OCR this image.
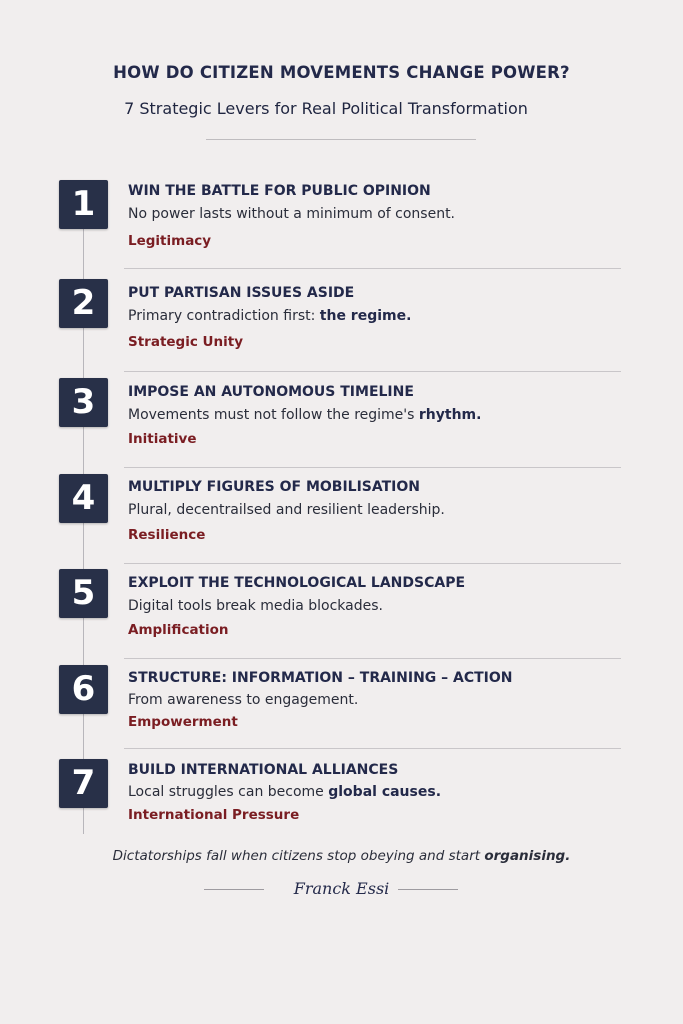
HOW DO CITIZEN MOVEMENTS CHANGE POWER?
7 Strategic Levers for Real Political Transformation
1	WIN THE BATTLE FOR PUBLIC OPINION
No power lasts without a minimum of consent.
Legitimacy
2	PUT PARTISAN ISSUES ASIDE
Primary contradiction first: the regime.
Strategic Unity
3	IMPOSE AN AUTONOMOUS TIMELINE
Movements must not follow the regime's rhythm.
Initiative
4	MULTIPLY FIGURES OF MOBILISATION
Plural, decentrailsed and resilient leadership.
Resilience
5	EXPLOIT THE TECHNOLOGICAL LANDSCAPE
Digital tools break media blockades.
Amplification
6	STRUCTURE: INFORMATION – TRAINING – ACTION
From awareness to engagement.
Empowerment
7	BUILD INTERNATIONAL ALLIANCES
Local struggles can become global causes.
International Pressure
Dictatorships fall when citizens stop obeying and start organising.
Franck Essi
